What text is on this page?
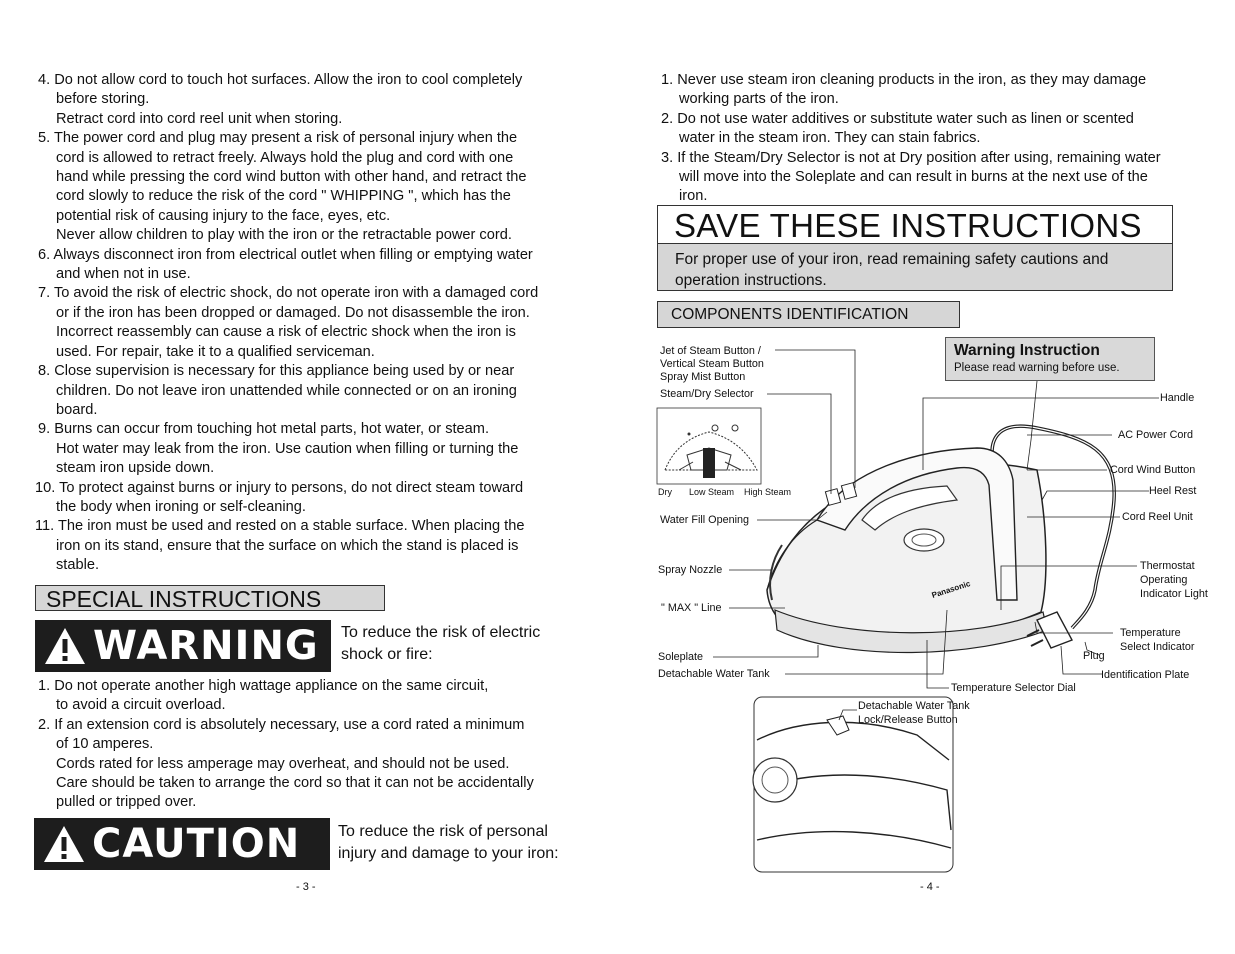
4. Do not allow cord to touch hot surfaces. Allow the iron to cool completely

before storing.

Retract cord into cord reel unit when storing.

5. The power cord and plug may present a risk of personal injury when the

cord is allowed to retract freely. Always hold the plug and cord with one

hand while pressing the cord wind button with other hand, and retract the

cord slowly to reduce the risk of the cord " WHIPPING ", which has the

potential risk of causing injury to the face, eyes, etc.

Never allow children to play with the iron or the retractable power cord.

6. Always disconnect iron from electrical outlet when filling or emptying water

and when not in use.

7. To avoid the risk of electric shock, do not operate iron with a damaged cord

or if the iron has been dropped or damaged. Do not disassemble the iron.

Incorrect reassembly can cause a risk of electric shock when the iron is

used. For repair, take it to a qualified serviceman.

8. Close supervision is necessary for this appliance being used by or near

children. Do not leave iron unattended while connected or on an ironing

board.

9. Burns can occur from touching hot metal parts, hot water, or steam.

Hot water may leak from the iron. Use caution when filling or turning the

steam iron upside down.

10. To protect against burns or injury to persons, do not direct steam toward

the body when ironing or self-cleaning.

11. The iron must be used and rested on a stable surface. When placing the

iron on its stand, ensure that the surface on which the stand is placed is

stable.

SPECIAL INSTRUCTIONS
WARNING To reduce the risk of electric
shock or fire:

1. Do not operate another high wattage appliance on the same circuit,

to avoid a circuit overload.

2. If an extension cord is absolutely necessary, use a cord rated a minimum

of 10 amperes.

Cords rated for less amperage may overheat, and should not be used.

Care should be taken to arrange the cord so that it can not be accidentally

pulled or tripped over.

CAUTION To reduce the risk of personal
injury and damage to your iron:
- 3 -

1. Never use steam iron cleaning products in the iron, as they may damage

working parts of the iron.

2. Do not use water additives or substitute water such as linen or scented

water in the steam iron. They can stain fabrics.

3. If the Steam/Dry Selector is not at Dry position after using, remaining water

will move into the Soleplate and can result in burns at the next use of the

iron.

SAVE THESE INSTRUCTIONS
For proper use of your iron, read remaining safety cautions and operation instructions.
COMPONENTS IDENTIFICATION
Warning Instruction
Please read warning before use.
Jet of Steam Button /
Vertical Steam Button
Spray Mist Button
Steam/Dry Selector
Dry Low Steam High Steam
Water Fill Opening
Spray Nozzle
" MAX " Line
Soleplate
Detachable Water Tank
Handle
AC Power Cord
Cord Wind Button
Heel Rest
Cord Reel Unit
Thermostat Operating Indicator Light
Temperature Select Indicator
Plug
Identification Plate
Temperature Selector Dial
Detachable Water Tank
Lock/Release Button
Panasonic
- 4 -
